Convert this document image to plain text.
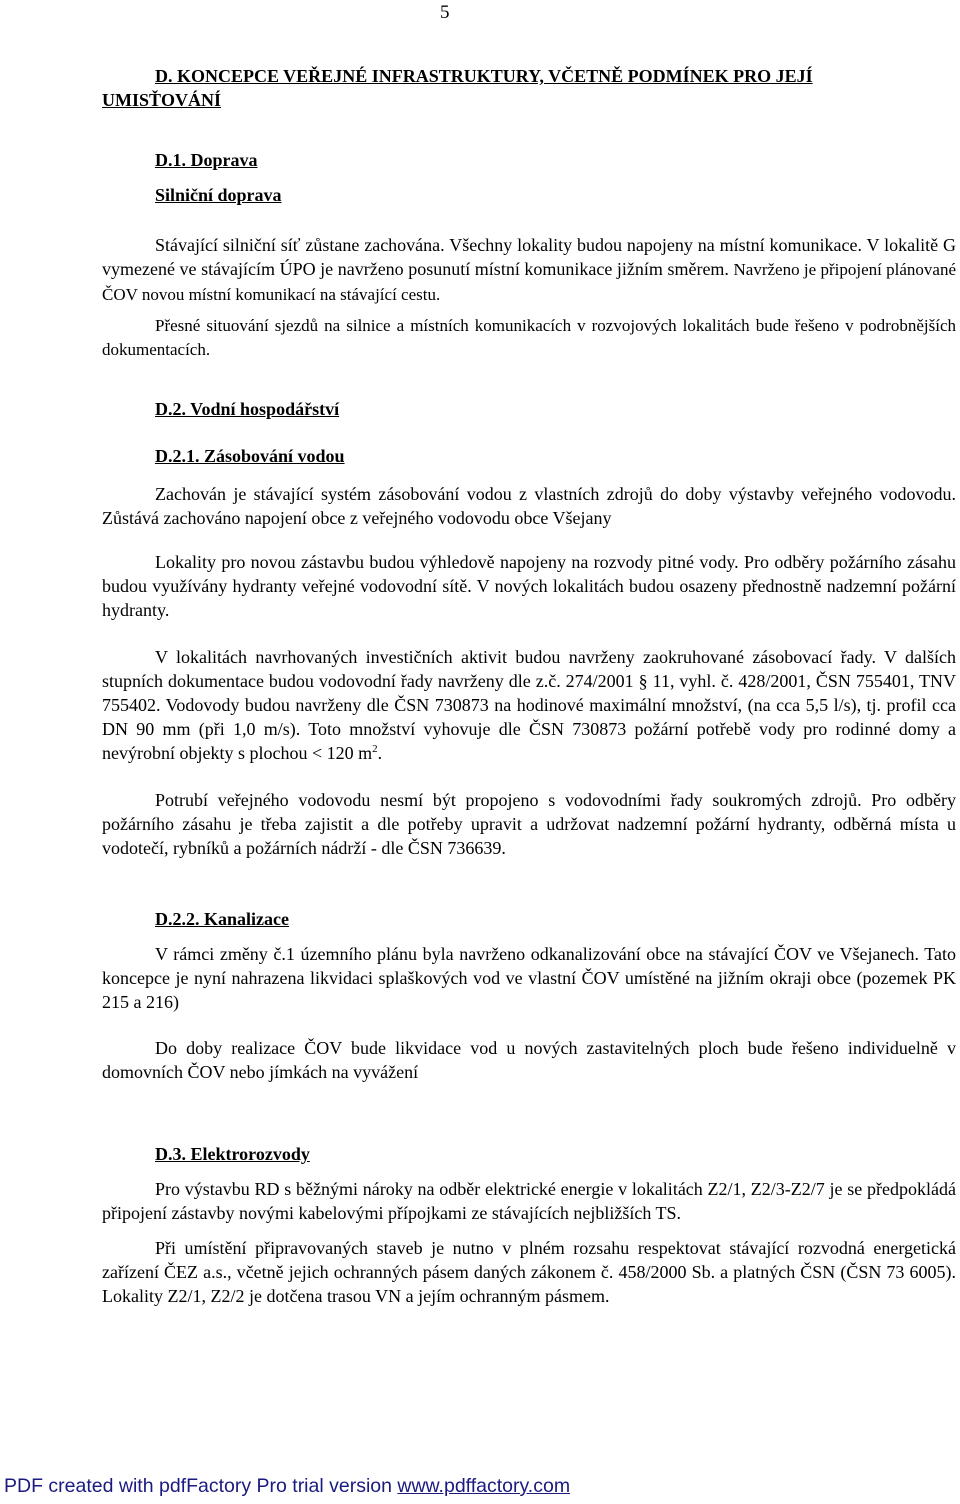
5
D. KONCEPCE VEŘEJNÉ INFRASTRUKTURY, VČETNĚ PODMÍNEK PRO JEJÍ
UMISŤOVÁNÍ
D.1. Doprava
Silniční doprava

Stávající silniční síť zůstane zachována. Všechny lokality budou napojeny na místní komunikace. V lokalitě G vymezené ve stávajícím ÚPO je navrženo posunutí místní komunikace jižním směrem. Navrženo je připojení plánované ČOV novou místní komunikací na stávající cestu.

Přesné situování sjezdů na silnice a místních komunikacích v rozvojových lokalitách bude řešeno v podrobnějších dokumentacích.

D.2. Vodní hospodářství
D.2.1. Zásobování vodou

Zachován je stávající systém zásobování vodou z vlastních zdrojů do doby výstavby veřejného vodovodu. Zůstává zachováno napojení obce z veřejného vodovodu obce Všejany

Lokality pro novou zástavbu budou výhledově napojeny na rozvody pitné vody. Pro odběry požárního zásahu budou využívány hydranty veřejné vodovodní sítě. V nových lokalitách budou osazeny přednostně nadzemní požární hydranty.

V lokalitách navrhovaných investičních aktivit budou navrženy zaokruhované zásobovací řady. V dalších stupních dokumentace budou vodovodní řady navrženy dle z.č. 274/2001 § 11, vyhl. č. 428/2001, ČSN 755401, TNV 755402. Vodovody budou navrženy dle ČSN 730873 na hodinové maximální množství, (na cca 5,5 l/s), tj. profil cca DN 90 mm (při 1,0 m/s). Toto množství vyhovuje dle ČSN 730873 požární potřebě vody pro rodinné domy a nevýrobní objekty s plochou < 120 $m^2$.

Potrubí veřejného vodovodu nesmí být propojeno s vodovodními řady soukromých zdrojů. Pro odběry požárního zásahu je třeba zajistit a dle potřeby upravit a udržovat nadzemní požární hydranty, odběrná místa u vodotečí, rybníků a požárních nádrží - dle ČSN 736639.

D.2.2. Kanalizace

V rámci změny č.1 územního plánu byla navrženo odkanalizování obce na stávající ČOV ve Všejanech. Tato koncepce je nyní nahrazena likvidaci splaškových vod ve vlastní ČOV umístěné na jižním okraji obce (pozemek PK 215 a 216)

Do doby realizace ČOV bude likvidace vod u nových zastavitelných ploch bude řešeno individuelně v domovních ČOV nebo jímkách na vyvážení

D.3. Elektrorozvody

Pro výstavbu RD s běžnými nároky na odběr elektrické energie v lokalitách Z2/1, Z2/3-Z2/7 je se předpokládá připojení zástavby novými kabelovými přípojkami ze stávajících nejbližších TS.

Při umístění připravovaných staveb je nutno v plném rozsahu respektovat stávající rozvodná energetická zařízení ČEZ a.s., včetně jejich ochranných pásem daných zákonem č. 458/2000 Sb. a platných ČSN (ČSN 73 6005). Lokality Z2/1, Z2/2 je dotčena trasou VN a jejím ochranným pásmem.

PDF created with pdfFactory Pro trial version www.pdffactory.com
